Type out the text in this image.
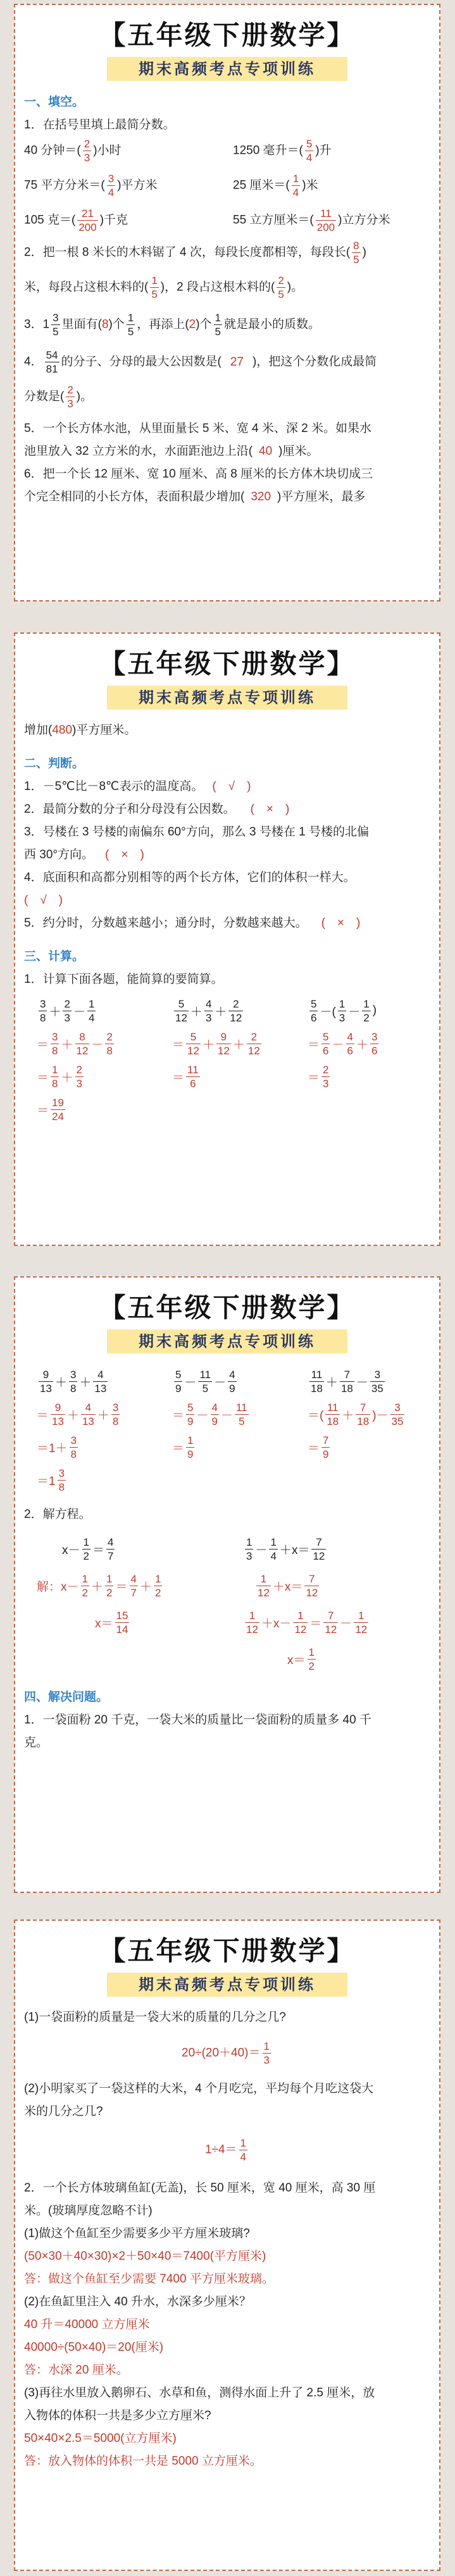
【五年级下册数学】
期末高频考点专项训练
一、填空。
1．在括号里填上最简分数。
40 分钟＝( $\frac{2}{3}$ )小时	1250 毫升＝( $\frac{5}{4}$ )升
75 平方分米＝( $\frac{3}{4}$ )平方米	25 厘米＝( $\frac{1}{4}$ )米
105 克＝( $\frac{21}{200}$ )千克	55 立方厘米＝( $\frac{11}{200}$ )立方分米
2．把一根 8 米长的木料锯了 4 次，每段长度都相等，每段长( $\frac{8}{5}$ )
米，每段占这根木料的( $\frac{1}{5}$ )，2 段占这根木料的( $\frac{2}{5}$ )。
3．$1 \frac{3}{5}$ 里面有(8)个 $\frac{1}{5}$ ，再添上(2)个 $\frac{1}{5}$ 就是最小的质数。
4． $\frac{54}{81}$ 的分子、分母的最大公因数是( 27 )，把这个分数化成最简
分数是( $\frac{2}{3}$ )。
5．一个长方体水池，从里面量长 5 米、宽 4 米、深 2 米。如果水
池里放入 32 立方米的水，水面距池边上沿( 40 )厘米。
6．把一个长 12 厘米、宽 10 厘米、高 8 厘米的长方体木块切成三
个完全相同的小长方体，表面积最少增加( 320 )平方厘米，最多
【五年级下册数学】
期末高频考点专项训练
增加(480)平方厘米。
二、判断。
1．－5℃比－8℃表示的温度高。 (　√　)
2．最简分数的分子和分母没有公因数。 (　×　)
3．号楼在 3 号楼的南偏东 60°方向，那么 3 号楼在 1 号楼的北偏
西 30°方向。 (　×　)
4．底面积和高都分别相等的两个长方体，它们的体积一样大。
(　√　)
5．约分时，分数越来越小；通分时，分数越来越大。 (　×　)
三、计算。
1．计算下面各题，能简算的要简算。
$\frac{3}{8} + \frac{2}{3} - \frac{1}{4}$	$\frac{5}{12} + \frac{4}{3} + \frac{2}{12}$	$\frac{5}{6}$ －( $\frac{1}{3} - \frac{1}{2}$ )
＝ $\frac{3}{8} + \frac{8}{12} - \frac{2}{8}$	＝ $\frac{5}{12} + \frac{9}{12} + \frac{2}{12}$	＝ $\frac{5}{6} - \frac{4}{6} + \frac{3}{6}$
＝ $\frac{1}{8} + \frac{2}{3}$	＝ $\frac{11}{6}$	＝ $\frac{2}{3}$
＝ $\frac{19}{24}$
【五年级下册数学】
期末高频考点专项训练
$\frac{9}{13} + \frac{3}{8} + \frac{4}{13}$	$\frac{5}{9} - \frac{11}{5} - \frac{4}{9}$	$\frac{11}{18} + \frac{7}{18} - \frac{3}{35}$
＝ $\frac{9}{13} + \frac{4}{13} + \frac{3}{8}$	＝ $\frac{5}{9} - \frac{4}{9} - \frac{11}{5}$	＝( $\frac{11}{18} + \frac{7}{18}$ )－ $\frac{3}{35}$
$=1+ \frac{3}{8}$	＝ $\frac{1}{9}$	＝ $\frac{7}{9}$
$=1 \frac{3}{8}$
2．解方程。
$x- \frac{1}{2} = \frac{4}{7}$	$\frac{1}{3} - \frac{1}{4} +x= \frac{7}{12}$
解： $x- \frac{1}{2} + \frac{1}{2} = \frac{4}{7} + \frac{1}{2}$	$\frac{1}{12} +x= \frac{7}{12}$
$x= \frac{15}{14}$	$\frac{1}{12} +x- \frac{1}{12} = \frac{7}{12} - \frac{1}{12}$
$x= \frac{1}{2}$
四、解决问题。
1．一袋面粉 20 千克，一袋大米的质量比一袋面粉的质量多 40 千
克。
【五年级下册数学】
期末高频考点专项训练
(1)一袋面粉的质量是一袋大米的质量的几分之几?
$20\div(20+40)= \frac{1}{3}$
(2)小明家买了一袋这样的大米，4 个月吃完，平均每个月吃这袋大
米的几分之几?
$1\div 4= \frac{1}{4}$
2．一个长方体玻璃鱼缸(无盖)，长 50 厘米，宽 40 厘米，高 30 厘
米。(玻璃厚度忽略不计)
(1)做这个鱼缸至少需要多少平方厘米玻璃?
(50×30＋40×30)×2＋50×40＝7400(平方厘米)
答：做这个鱼缸至少需要 7400 平方厘米玻璃。
(2)在鱼缸里注入 40 升水，水深多少厘米？
40 升＝40000 立方厘米
40000÷(50×40)＝20(厘米)
答：水深 20 厘米。
(3)再往水里放入鹅卵石、水草和鱼，测得水面上升了 2.5 厘米，放
入物体的体积一共是多少立方厘米?
50×40×2.5＝5000(立方厘米)
答：放入物体的体积一共是 5000 立方厘米。
